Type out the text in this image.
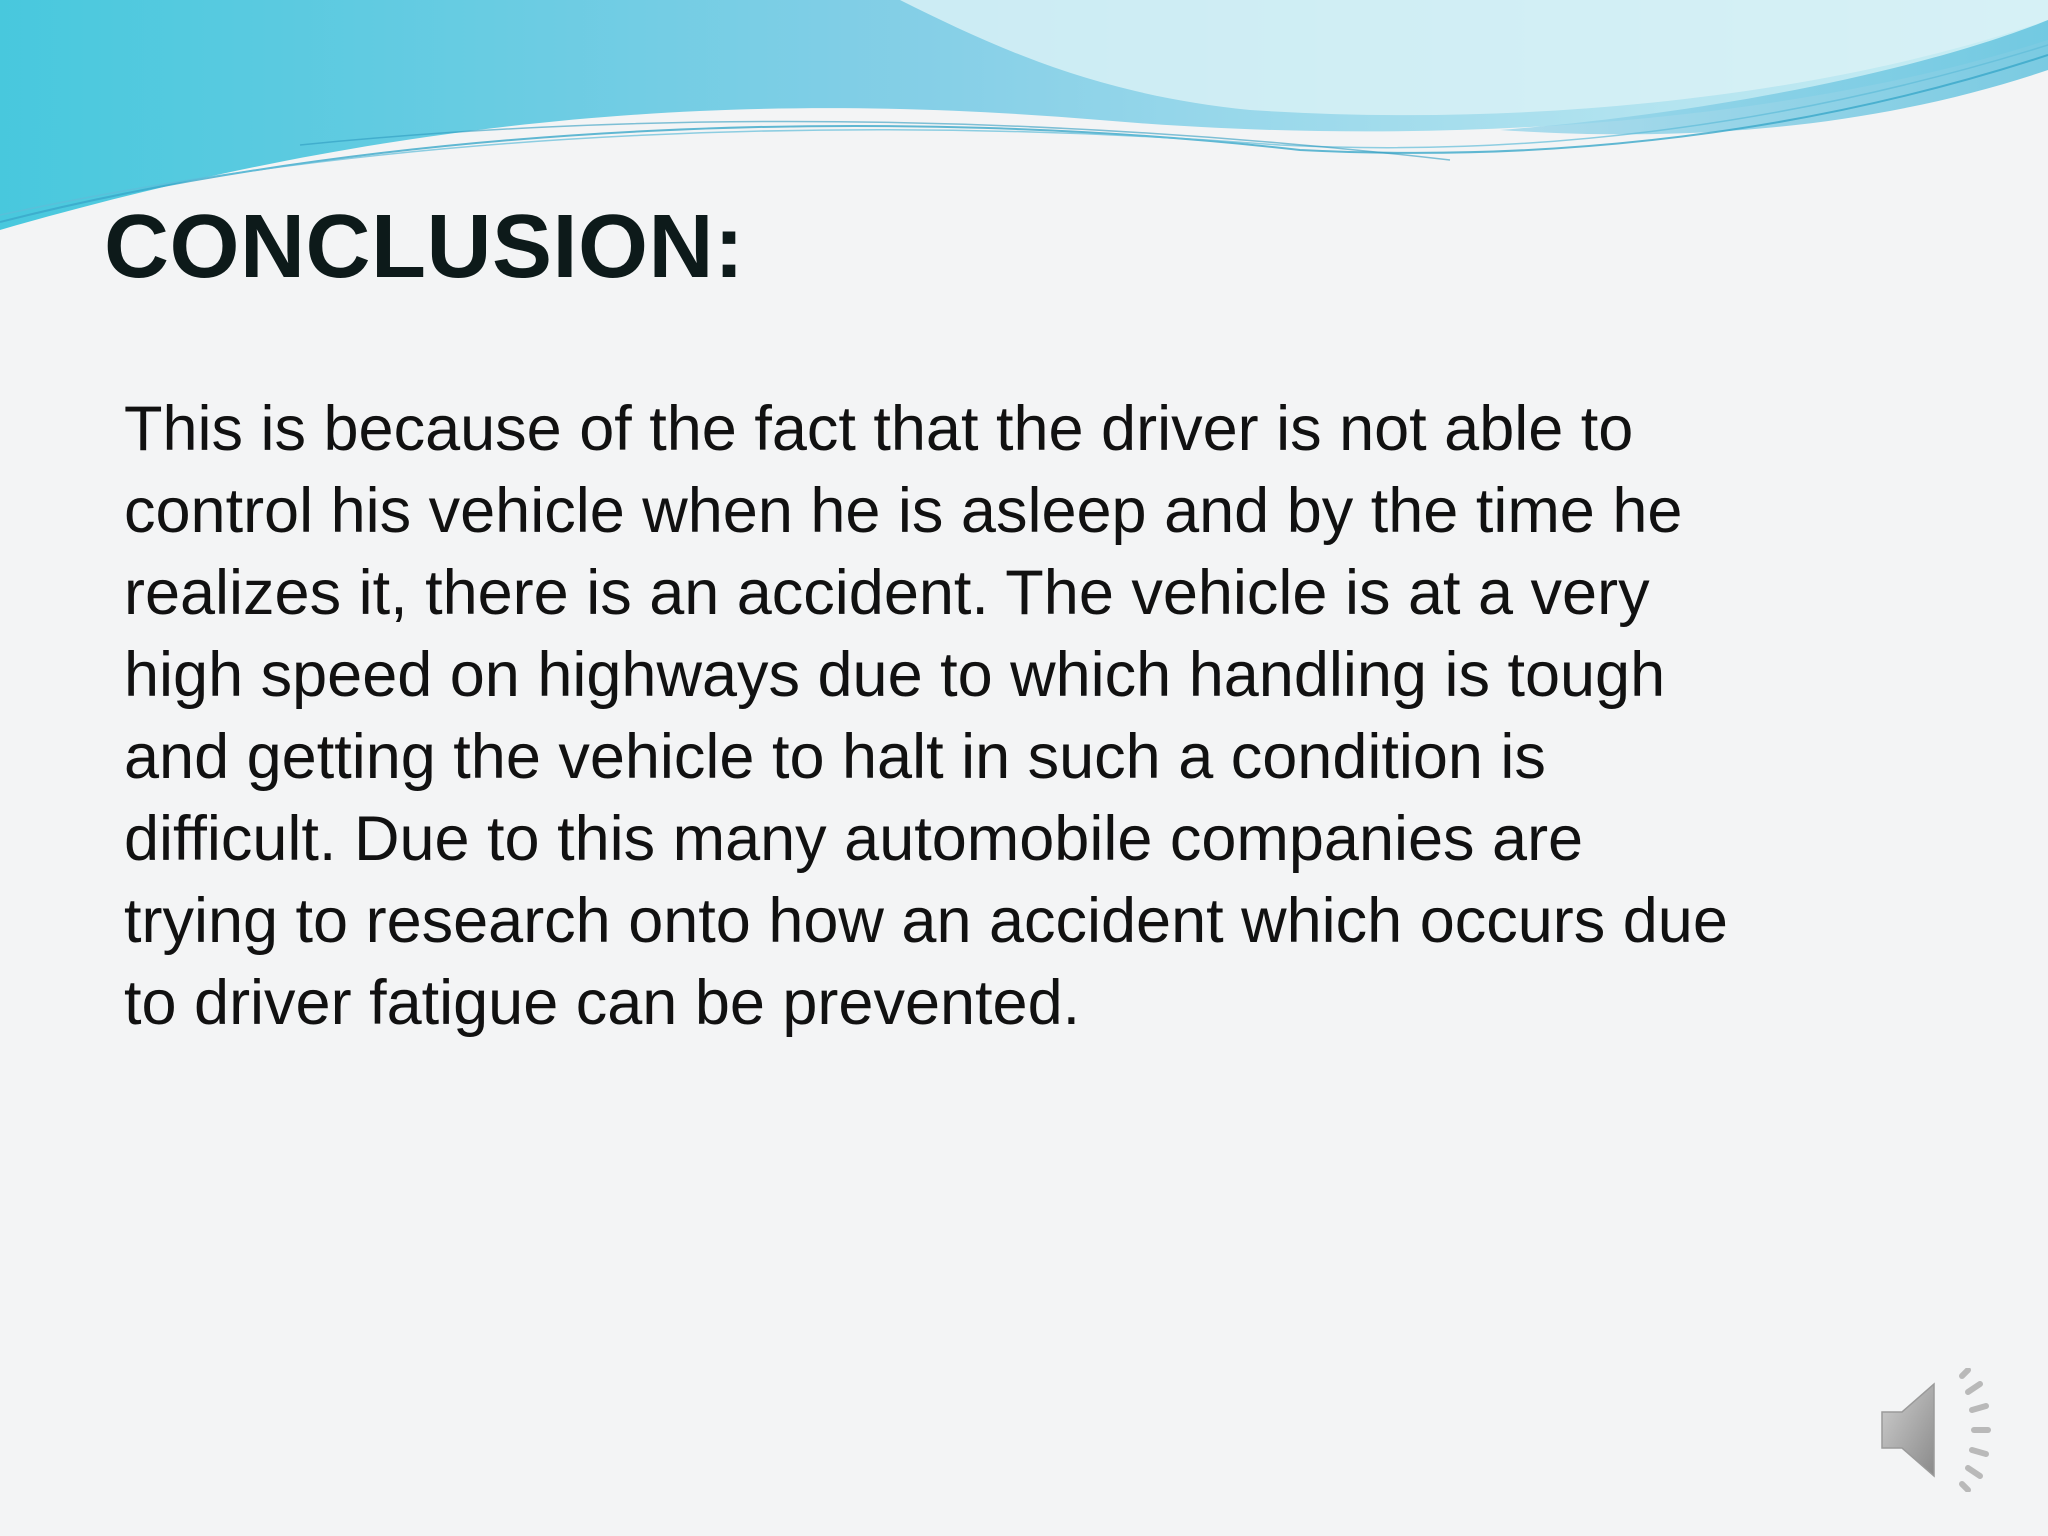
CONCLUSION:
This is because of the fact that the driver is not able to
control his vehicle when he is asleep and by the time he
realizes it, there is an accident. The vehicle is at a very
high speed on highways due to which handling is tough
and getting the vehicle to halt in such a condition is
difficult. Due to this many automobile companies are
trying to research onto how an accident which occurs due
to driver fatigue can be prevented.
